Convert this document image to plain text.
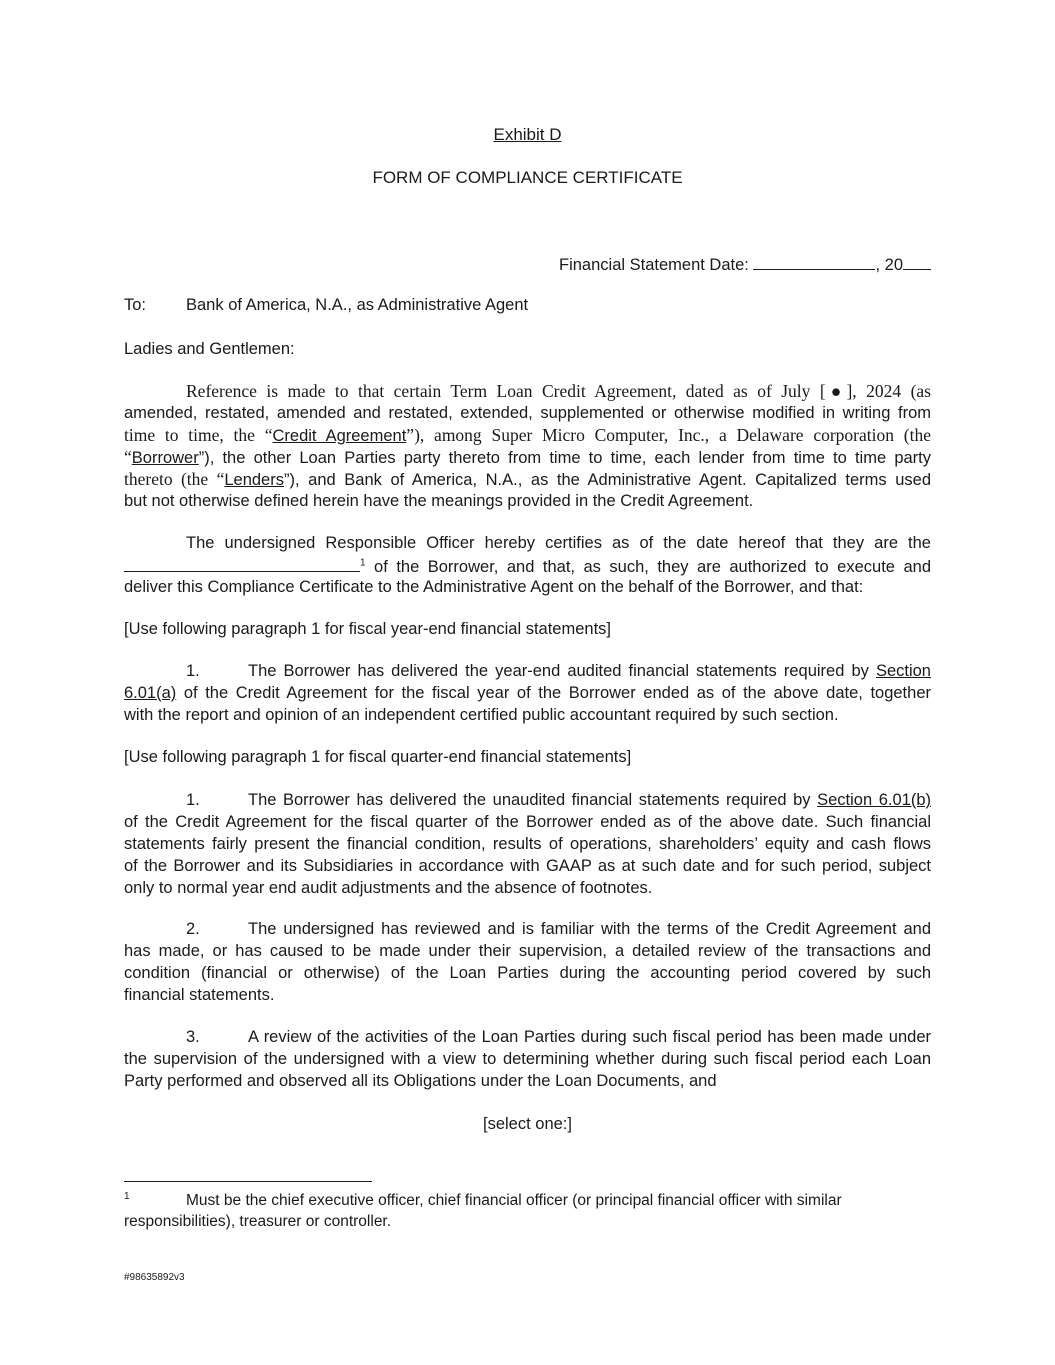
Exhibit D
FORM OF COMPLIANCE CERTIFICATE
Financial Statement Date:	, 20
To: Bank of America, N.A., as Administrative Agent
Ladies and Gentlemen:
Reference is made to that certain Term Loan Credit Agreement, dated as of July [●], 2024 (as
amended, restated, amended and restated, extended, supplemented or otherwise modified in writing from
time to time, the “Credit Agreement”), among Super Micro Computer, Inc., a Delaware corporation (the
“Borrower”), the other Loan Parties party thereto from time to time, each lender from time to time party
thereto (the “Lenders”), and Bank of America, N.A., as the Administrative Agent. Capitalized terms used
but not otherwise defined herein have the meanings provided in the Credit Agreement.
The undersigned Responsible Officer hereby certifies as of the date hereof that they are the
$^1$ of the Borrower, and that, as such, they are authorized to execute and
deliver this Compliance Certificate to the Administrative Agent on the behalf of the Borrower, and that:
[Use following paragraph 1 for fiscal year-end financial statements]
1.	The Borrower has delivered the year-end audited financial statements required by Section
6.01(a) of the Credit Agreement for the fiscal year of the Borrower ended as of the above date, together
with the report and opinion of an independent certified public accountant required by such section.
[Use following paragraph 1 for fiscal quarter-end financial statements]
1.	The Borrower has delivered the unaudited financial statements required by Section 6.01(b)
of the Credit Agreement for the fiscal quarter of the Borrower ended as of the above date. Such financial
statements fairly present the financial condition, results of operations, shareholders’ equity and cash flows
of the Borrower and its Subsidiaries in accordance with GAAP as at such date and for such period, subject
only to normal year end audit adjustments and the absence of footnotes.
2.	The undersigned has reviewed and is familiar with the terms of the Credit Agreement and
has made, or has caused to be made under their supervision, a detailed review of the transactions and
condition (financial or otherwise) of the Loan Parties during the accounting period covered by such
financial statements.
3.	A review of the activities of the Loan Parties during such fiscal period has been made under
the supervision of the undersigned with a view to determining whether during such fiscal period each Loan
Party performed and observed all its Obligations under the Loan Documents, and
[select one:]
1	Must be the chief executive officer, chief financial officer (or principal financial officer with similar
responsibilities), treasurer or controller.
#98635892v3
